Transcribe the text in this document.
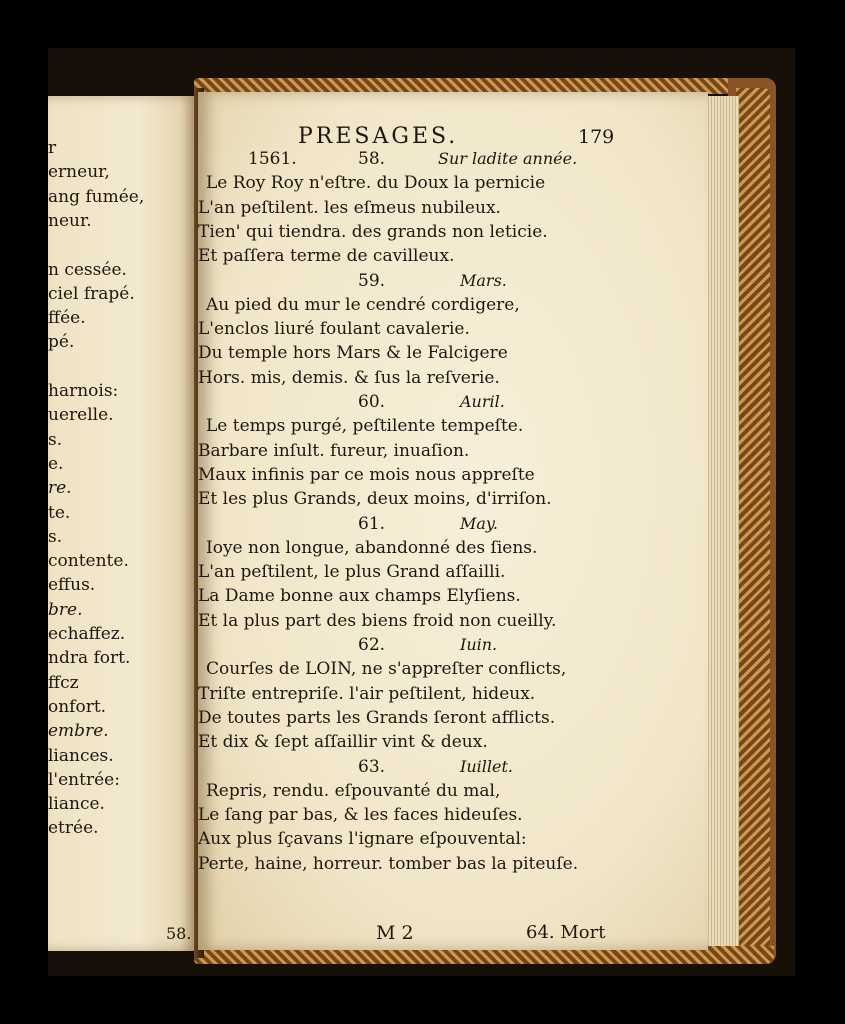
58.
r
erneur,
ang fumée,
neur.
n cessée.
ciel frapé.
ffée.
pé.
harnois:
uerelle.
s.
e.
re.
te.
s.
contente.
effus.
bre.
echaffez.
ndra fort.
ffcz
onfort.
embre.
liances.
l'entrée:
liance.
etrée.
PRESAGES.	179
M 2	64. Mort
1561.	58.	Sur ladite année.
Le Roy Roy n'eſtre. du Doux la pernicie
L'an peſtilent. les eſmeus nubileux.
Tien' qui tiendra. des grands non leticie.
Et paſſera terme de cavilleux.
59.	Mars.
Au pied du mur le cendré cordigere,
L'enclos liuré foulant cavalerie.
Du temple hors Mars & le Falcigere
Hors. mis, demis. & ſus la reſverie.
60.	Auril.
Le temps purgé, peſtilente tempeſte.
Barbare inſult. fureur, inuaſion.
Maux infinis par ce mois nous appreſte
Et les plus Grands, deux moins, d'irriſon.
61.	May.
Ioye non longue, abandonné des ſiens.
L'an peſtilent, le plus Grand aſſailli.
La Dame bonne aux champs Elyſiens.
Et la plus part des biens froid non cueilly.
62.	Iuin.
Courſes de LOIN, ne s'appreſter conflicts,
Triſte entrepriſe. l'air peſtilent, hideux.
De toutes parts les Grands ſeront afflicts.
Et dix & ſept aſſaillir vint & deux.
63.	Iuillet.
Repris, rendu. eſpouvanté du mal,
Le ſang par bas, & les faces hideuſes.
Aux plus ſçavans l'ignare eſpouvental:
Perte, haine, horreur. tomber bas la piteuſe.
